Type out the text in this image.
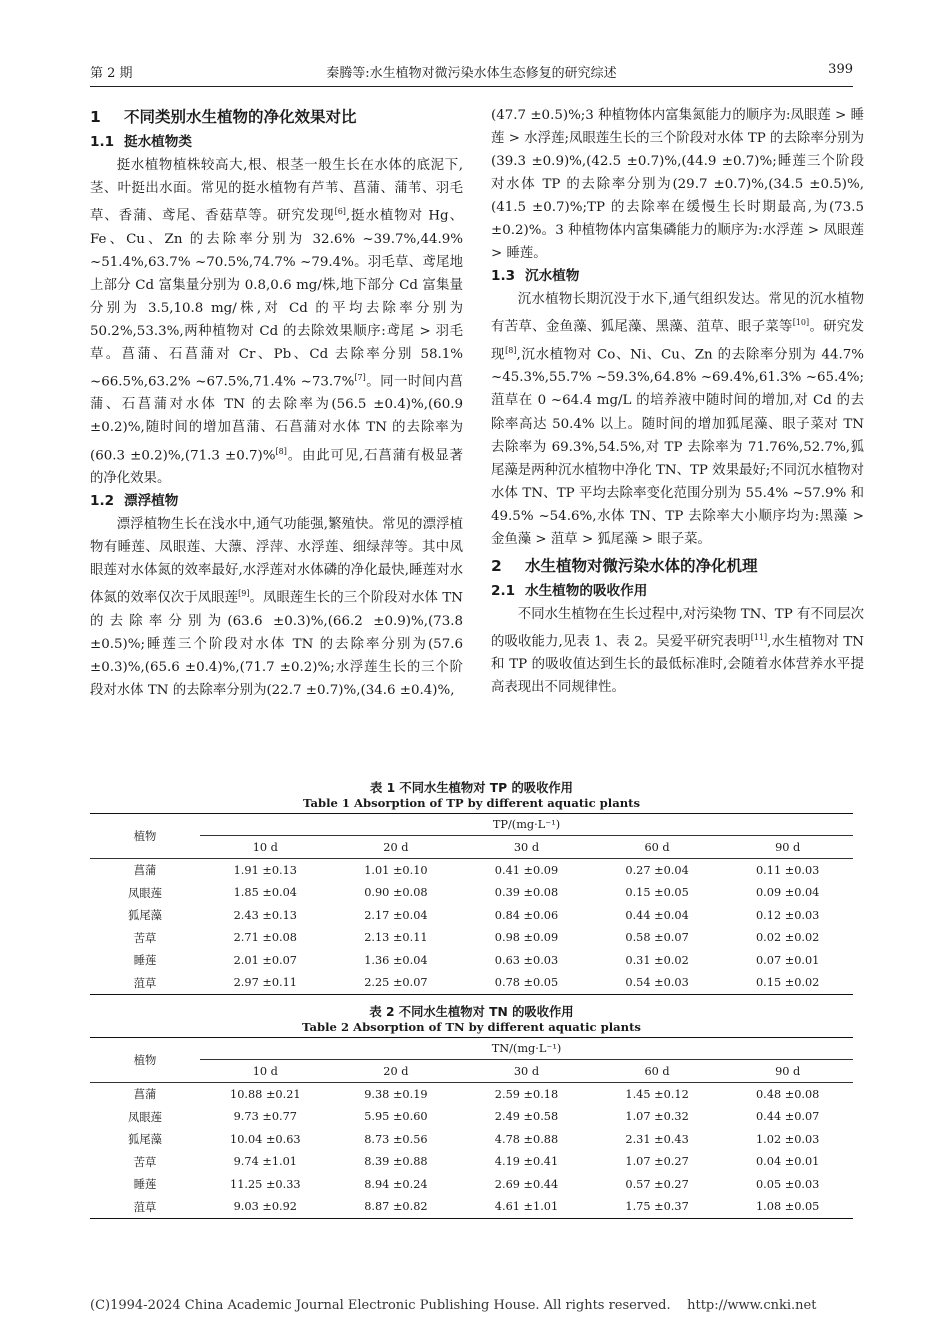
第 2 期	秦腾等:水生植物对微污染水体生态修复的研究综述	399
1 不同类别水生植物的净化效果对比
1.1 挺水植物类

挺水植物植株较高大,根、根茎一般生长在水体的底泥下,茎、叶挺出水面。常见的挺水植物有芦苇、菖蒲、蒲苇、羽毛草、香蒲、鸢尾、香菇草等。研究发现[6],挺水植物对 Hg、Fe、Cu、Zn 的去除率分别为 32.6% ~39.7%,44.9% ~51.4%,63.7% ~70.5%,74.7% ~79.4%。羽毛草、鸢尾地上部分 Cd 富集量分别为 0.8,0.6 mg/株,地下部分 Cd 富集量分别为 3.5,10.8 mg/株,对 Cd 的平均去除率分别为 50.2%,53.3%,两种植物对 Cd 的去除效果顺序:鸢尾 > 羽毛草。菖蒲、石菖蒲对 Cr、Pb、Cd 去除率分别 58.1% ~66.5%,63.2% ~67.5%,71.4% ~73.7%[7]。同一时间内菖蒲、石菖蒲对水体 TN 的去除率为(56.5 ±0.4)%,(60.9 ±0.2)%,随时间的增加菖蒲、石菖蒲对水体 TN 的去除率为(60.3 ±0.2)%,(71.3 ±0.7)%[8]。由此可见,石菖蒲有极显著的净化效果。

1.2 漂浮植物

漂浮植物生长在浅水中,通气功能强,繁殖快。常见的漂浮植物有睡莲、凤眼莲、大薸、浮萍、水浮莲、细绿萍等。其中凤眼莲对水体氮的效率最好,水浮莲对水体磷的净化最快,睡莲对水体氮的效率仅次于凤眼莲[9]。凤眼莲生长的三个阶段对水体 TN 的去除率分别为(63.6 ±0.3)%,(66.2 ±0.9)%,(73.8 ±0.5)%;睡莲三个阶段对水体 TN 的去除率分别为(57.6 ±0.3)%,(65.6 ±0.4)%,(71.7 ±0.2)%;水浮莲生长的三个阶段对水体 TN 的去除率分别为(22.7 ±0.7)%,(34.6 ±0.4)%,

(47.7 ±0.5)%;3 种植物体内富集氮能力的顺序为:凤眼莲 > 睡莲 > 水浮莲;凤眼莲生长的三个阶段对水体 TP 的去除率分别为(39.3 ±0.9)%,(42.5 ±0.7)%,(44.9 ±0.7)%;睡莲三个阶段对水体 TP 的去除率分别为(29.7 ±0.7)%,(34.5 ±0.5)%,(41.5 ±0.7)%;TP 的去除率在缓慢生长时期最高,为(73.5 ±0.2)%。3 种植物体内富集磷能力的顺序为:水浮莲 > 凤眼莲 > 睡莲。

1.3 沉水植物

沉水植物长期沉没于水下,通气组织发达。常见的沉水植物有苦草、金鱼藻、狐尾藻、黑藻、菹草、眼子菜等[10]。研究发现[8],沉水植物对 Co、Ni、Cu、Zn 的去除率分别为 44.7% ~45.3%,55.7% ~59.3%,64.8% ~69.4%,61.3% ~65.4%;菹草在 0 ~64.4 mg/L 的培养液中随时间的增加,对 Cd 的去除率高达 50.4% 以上。随时间的增加狐尾藻、眼子菜对 TN 去除率为 69.3%,54.5%,对 TP 去除率为 71.76%,52.7%,狐尾藻是两种沉水植物中净化 TN、TP 效果最好;不同沉水植物对水体 TN、TP 平均去除率变化范围分别为 55.4% ~57.9% 和 49.5% ~54.6%,水体 TN、TP 去除率大小顺序均为:黑藻 > 金鱼藻 > 菹草 > 狐尾藻 > 眼子菜。

2 水生植物对微污染水体的净化机理
2.1 水生植物的吸收作用

不同水生植物在生长过程中,对污染物 TN、TP 有不同层次的吸收能力,见表 1、表 2。吴爱平研究表明[11],水生植物对 TN 和 TP 的吸收值达到生长的最低标准时,会随着水体营养水平提高表现出不同规律性。

表 1 不同水生植物对 TP 的吸收作用
Table 1 Absorption of TP by different aquatic plants
植物	TP/(mg·L⁻¹)				
	10 d	20 d	30 d	60 d	90 d
菖蒲	1.91 ±0.13	1.01 ±0.10	0.41 ±0.09	0.27 ±0.04	0.11 ±0.03
凤眼莲	1.85 ±0.04	0.90 ±0.08	0.39 ±0.08	0.15 ±0.05	0.09 ±0.04
狐尾藻	2.43 ±0.13	2.17 ±0.04	0.84 ±0.06	0.44 ±0.04	0.12 ±0.03
苦草	2.71 ±0.08	2.13 ±0.11	0.98 ±0.09	0.58 ±0.07	0.02 ±0.02
睡莲	2.01 ±0.07	1.36 ±0.04	0.63 ±0.03	0.31 ±0.02	0.07 ±0.01
菹草	2.97 ±0.11	2.25 ±0.07	0.78 ±0.05	0.54 ±0.03	0.15 ±0.02
表 2 不同水生植物对 TN 的吸收作用
Table 2 Absorption of TN by different aquatic plants
植物	TN/(mg·L⁻¹)				
	10 d	20 d	30 d	60 d	90 d
菖蒲	10.88 ±0.21	9.38 ±0.19	2.59 ±0.18	1.45 ±0.12	0.48 ±0.08
凤眼莲	9.73 ±0.77	5.95 ±0.60	2.49 ±0.58	1.07 ±0.32	0.44 ±0.07
狐尾藻	10.04 ±0.63	8.73 ±0.56	4.78 ±0.88	2.31 ±0.43	1.02 ±0.03
苦草	9.74 ±1.01	8.39 ±0.88	4.19 ±0.41	1.07 ±0.27	0.04 ±0.01
睡莲	11.25 ±0.33	8.94 ±0.24	2.69 ±0.44	0.57 ±0.27	0.05 ±0.03
菹草	9.03 ±0.92	8.87 ±0.82	4.61 ±1.01	1.75 ±0.37	1.08 ±0.05
(C)1994-2024 China Academic Journal Electronic Publishing House. All rights reserved.    http://www.cnki.net
